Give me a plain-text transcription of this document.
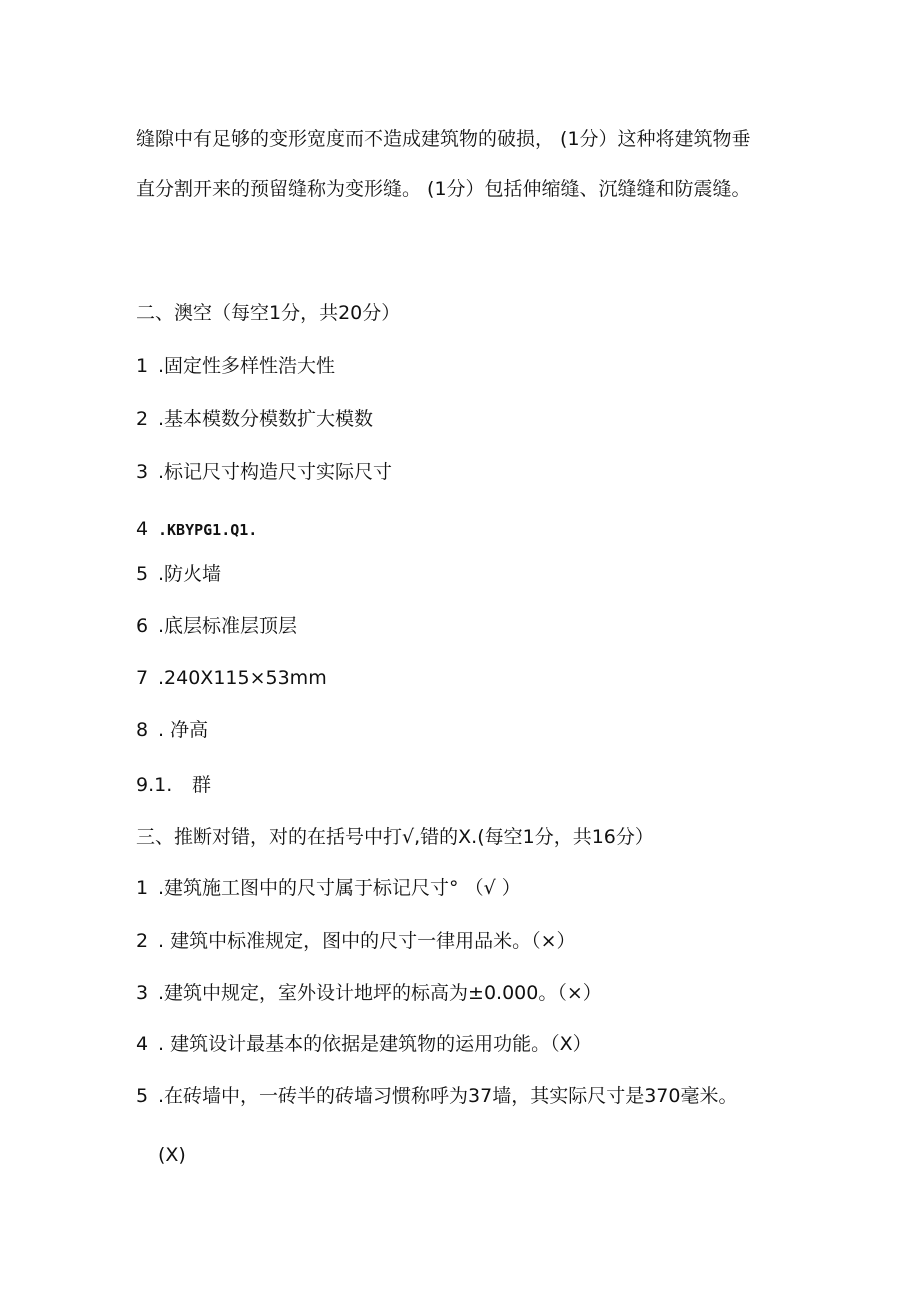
缝隙中有足够的变形宽度而不造成建筑物的破损， (1分）这种将建筑物垂
直分割开来的预留缝称为变形缝。 (1分）包括伸缩缝、沉缝缝和防震缝。
二、澳空（每空1分，共20分）
1 .固定性多样性浩大性
2 .基本模数分模数扩大模数
3 .标记尺寸构造尺寸实际尺寸
4 .KBYPG1.Q1.
5 .防火墙
6 .底层标准层顶层
7 .240X115×53mm
8 . 净高
9.1. 群
三、推断对错，对的在括号中打√,错的X.(每空1分，共16分）
1 .建筑施工图中的尺寸属于标记尺寸° （√ ）
2 . 建筑中标准规定，图中的尺寸一律用品米。（×）
3 .建筑中规定，室外设计地坪的标高为±0.000。（×）
4 . 建筑设计最基本的依据是建筑物的运用功能。（X）
5 .在砖墙中，一砖半的砖墙习惯称呼为37墙，其实际尺寸是370毫米。
(X)
